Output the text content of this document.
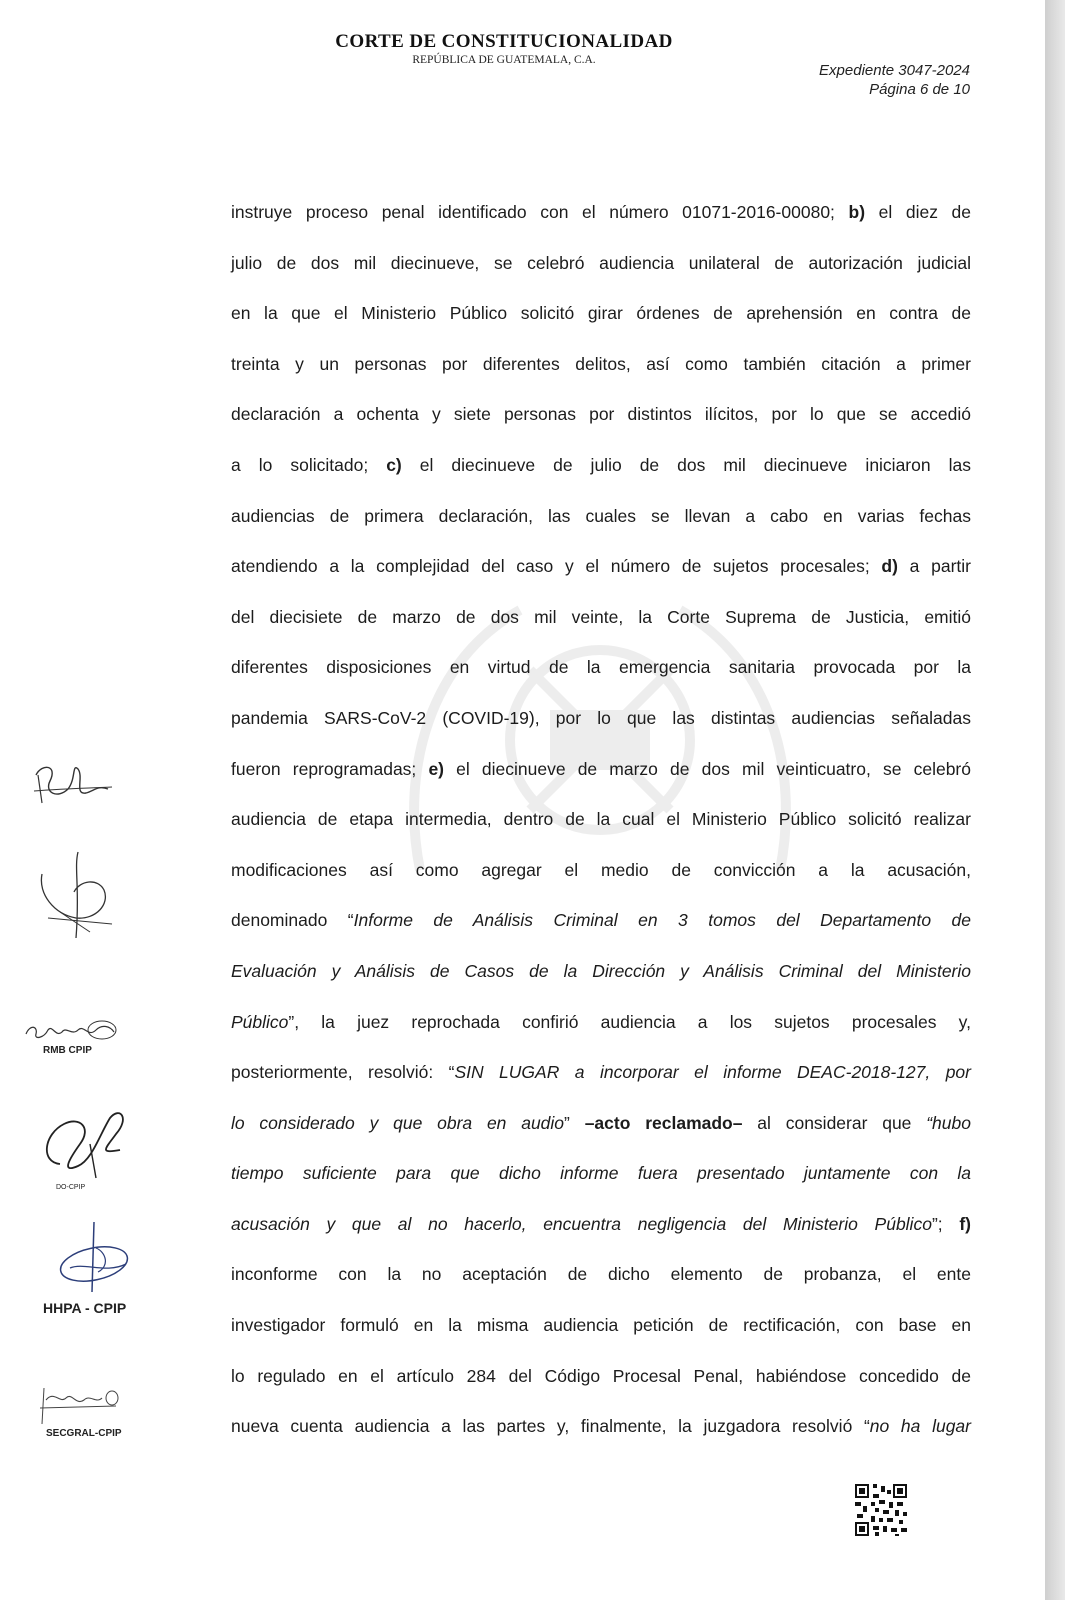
CORTE DE CONSTITUCIONALIDAD
REPÚBLICA DE GUATEMALA, C.A.
Expediente 3047-2024
Página 6 de 10
instruye proceso penal identificado con el número 01071-2016-00080; b) el diez de
julio de dos mil diecinueve, se celebró audiencia unilateral de autorización judicial
en la que el Ministerio Público solicitó girar órdenes de aprehensión en contra de
treinta y un personas por diferentes delitos, así como también citación a primer
declaración a ochenta y siete personas por distintos ilícitos, por lo que se accedió
a lo solicitado; c) el diecinueve de julio de dos mil diecinueve iniciaron las
audiencias de primera declaración, las cuales se llevan a cabo en varias fechas
atendiendo a la complejidad del caso y el número de sujetos procesales; d) a partir
del diecisiete de marzo de dos mil veinte, la Corte Suprema de Justicia, emitió
diferentes disposiciones en virtud de la emergencia sanitaria provocada por la
pandemia SARS-CoV-2 (COVID-19), por lo que las distintas audiencias señaladas
fueron reprogramadas; e) el diecinueve de marzo de dos mil veinticuatro, se celebró
audiencia de etapa intermedia, dentro de la cual el Ministerio Público solicitó realizar
modificaciones así como agregar el medio de convicción a la acusación,
denominado “Informe de Análisis Criminal en 3 tomos del Departamento de
Evaluación y Análisis de Casos de la Dirección y Análisis Criminal del Ministerio
Público”, la juez reprochada confirió audiencia a los sujetos procesales y,
posteriormente, resolvió: “SIN LUGAR a incorporar el informe DEAC-2018-127, por
lo considerado y que obra en audio” –acto reclamado– al considerar que “hubo
tiempo suficiente para que dicho informe fuera presentado juntamente con la
acusación y que al no hacerlo, encuentra negligencia del Ministerio Público”; f)
inconforme con la no aceptación de dicho elemento de probanza, el ente
investigador formuló en la misma audiencia petición de rectificación, con base en
lo regulado en el artículo 284 del Código Procesal Penal, habiéndose concedido de
nueva cuenta audiencia a las partes y, finalmente, la juzgadora resolvió “no ha lugar
RMB CPIP
DO-CPIP
HHPA - CPIP
SECGRAL-CPIP
